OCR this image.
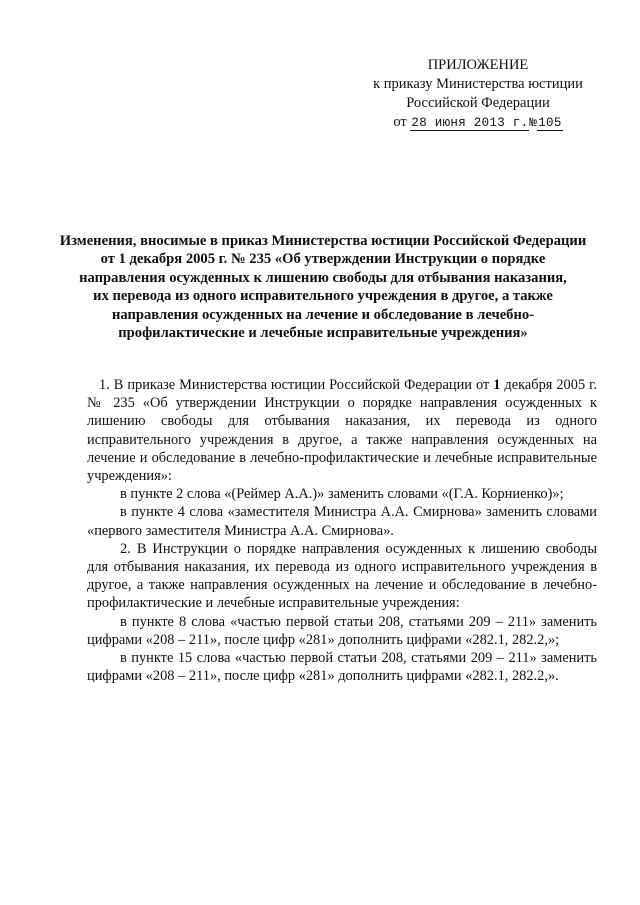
ПРИЛОЖЕНИЕ
к приказу Министерства юстиции
Российской Федерации
от 28 июня 2013 г.№105
Изменения, вносимые в приказ Министерства юстиции Российской Федерации
от 1 декабря 2005 г. № 235 «Об утверждении Инструкции о порядке
направления осужденных к лишению свободы для отбывания наказания,
их перевода из одного исправительного учреждения в другое, а также
направления осужденных на лечение и обследование в лечебно-
профилактические и лечебные исправительные учреждения»

1. В приказе Министерства юстиции Российской Федерации от 1 декабря 2005 г. № 235 «Об утверждении Инструкции о порядке направления осужденных к лишению свободы для отбывания наказания, их перевода из одного исправительного учреждения в другое, а также направления осужденных на лечение и обследование в лечебно-профилактические и лечебные исправительные учреждения»:

в пункте 2 слова «(Реймер А.А.)» заменить словами «(Г.А. Корниенко)»;

в пункте 4 слова «заместителя Министра А.А. Смирнова» заменить словами «первого заместителя Министра А.А. Смирнова».

2. В Инструкции о порядке направления осужденных к лишению свободы для отбывания наказания, их перевода из одного исправительного учреждения в другое, а также направления осужденных на лечение и обследование в лечебно-профилактические и лечебные исправительные учреждения:

в пункте 8 слова «частью первой статьи 208, статьями 209 – 211» заменить цифрами «208 – 211», после цифр «281» дополнить цифрами «282.1, 282.2,»;

в пункте 15 слова «частью первой статьи 208, статьями 209 – 211» заменить цифрами «208 – 211», после цифр «281» дополнить цифрами «282.1, 282.2,».
